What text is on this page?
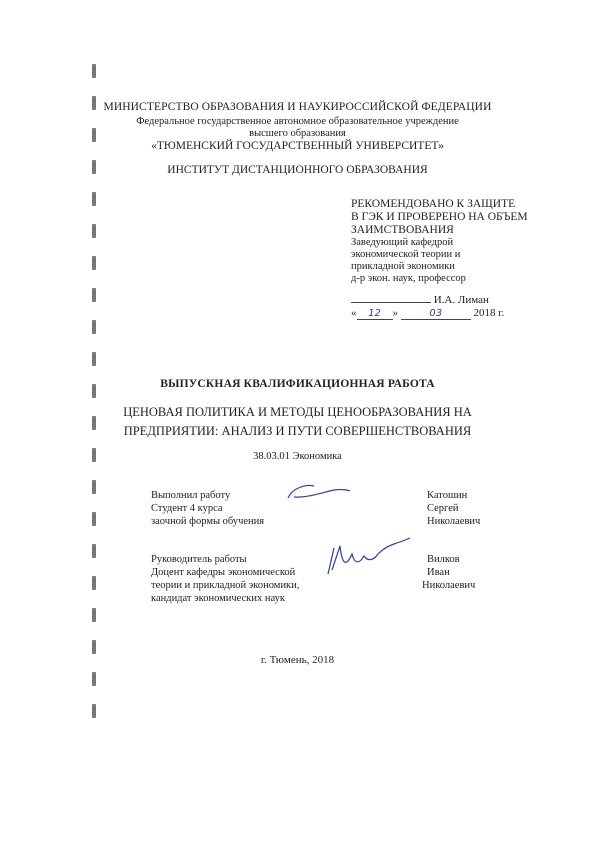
МИНИСТЕРСТВО ОБРАЗОВАНИЯ И НАУКИРОССИЙСКОЙ ФЕДЕРАЦИИ
Федеральное государственное автономное образовательное учреждение
высшего образования
«ТЮМЕНСКИЙ ГОСУДАРСТВЕННЫЙ УНИВЕРСИТЕТ»
ИНСТИТУТ ДИСТАНЦИОННОГО ОБРАЗОВАНИЯ
РЕКОМЕНДОВАНО К ЗАЩИТЕ
В ГЭК И ПРОВЕРЕНО НА ОБЪЕМ
ЗАИМСТВОВАНИЯ
Заведующий кафедрой
экономической теории и
прикладной экономики
д-р экон. наук, профессор
И.А. Лиман
« 12 »	03	2018 г.
ВЫПУСКНАЯ КВАЛИФИКАЦИОННАЯ РАБОТА
ЦЕНОВАЯ ПОЛИТИКА И МЕТОДЫ ЦЕНООБРАЗОВАНИЯ НА
ПРЕДПРИЯТИИ: АНАЛИЗ И ПУТИ СОВЕРШЕНСТВОВАНИЯ
38.03.01 Экономика
Выполнил работу
Студент 4 курса
заочной формы обучения
Катошин
Сергей
Николаевич
Руководитель работы
Доцент кафедры экономической
теории и прикладной экономики,
кандидат экономических наук
Вилков
Иван
Николаевич
г. Тюмень, 2018
